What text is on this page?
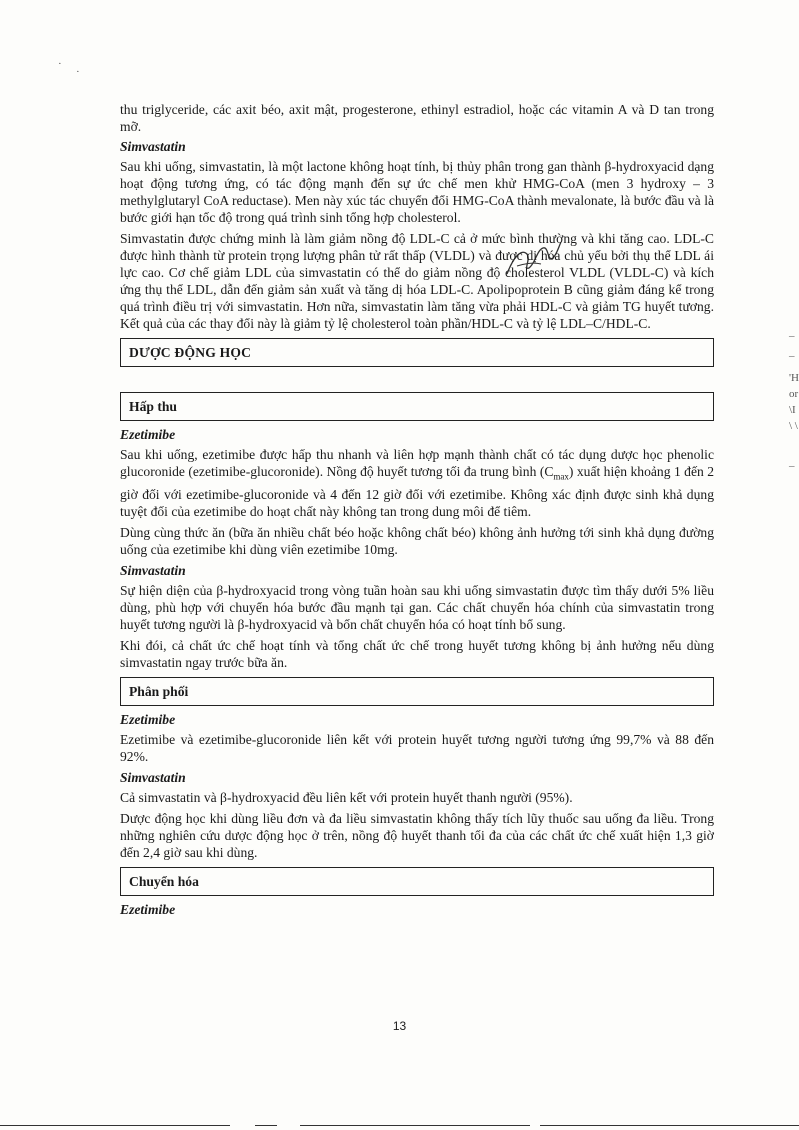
·
·
–
–
'H
or
\I
\ \
–

thu triglyceride, các axit béo, axit mật, progesterone, ethinyl estradiol, hoặc các vitamin A và D tan trong mỡ.

Simvastatin

Sau khi uống, simvastatin, là một lactone không hoạt tính, bị thủy phân trong gan thành β-hydroxyacid dạng hoạt động tương ứng, có tác động mạnh đến sự ức chế men khử HMG-CoA (men 3 hydroxy – 3 methylglutaryl CoA reductase). Men này xúc tác chuyển đổi HMG-CoA thành mevalonate, là bước đầu và là bước giới hạn tốc độ trong quá trình sinh tổng hợp cholesterol.

Simvastatin được chứng minh là làm giảm nồng độ LDL-C cả ở mức bình thường và khi tăng cao. LDL-C được hình thành từ protein trọng lượng phân tử rất thấp (VLDL) và được dị hóa chủ yếu bởi thụ thể LDL ái lực cao. Cơ chế giảm LDL của simvastatin có thể do giảm nồng độ cholesterol VLDL (VLDL-C) và kích ứng thụ thể LDL, dẫn đến giảm sản xuất và tăng dị hóa LDL-C. Apolipoprotein B cũng giảm đáng kể trong quá trình điều trị với simvastatin. Hơn nữa, simvastatin làm tăng vừa phải HDL-C và giảm TG huyết tương. Kết quả của các thay đổi này là giảm tỷ lệ cholesterol toàn phần/HDL-C và tỷ lệ LDL–C/HDL-C.

DƯỢC ĐỘNG HỌC
Hấp thu
Ezetimibe

Sau khi uống, ezetimibe được hấp thu nhanh và liên hợp mạnh thành chất có tác dụng dược học phenolic glucoronide (ezetimibe-glucoronide). Nồng độ huyết tương tối đa trung bình $(C_{max})$ xuất hiện khoảng 1 đến 2 giờ đối với ezetimibe-glucoronide và 4 đến 12 giờ đối với ezetimibe. Không xác định được sinh khả dụng tuyệt đối của ezetimibe do hoạt chất này không tan trong dung môi để tiêm.

Dùng cùng thức ăn (bữa ăn nhiều chất béo hoặc không chất béo) không ảnh hưởng tới sinh khả dụng đường uống của ezetimibe khi dùng viên ezetimibe 10mg.

Simvastatin

Sự hiện diện của β-hydroxyacid trong vòng tuần hoàn sau khi uống simvastatin được tìm thấy dưới 5% liều dùng, phù hợp với chuyển hóa bước đầu mạnh tại gan. Các chất chuyển hóa chính của simvastatin trong huyết tương người là β-hydroxyacid và bốn chất chuyển hóa có hoạt tính bổ sung.

Khi đói, cả chất ức chế hoạt tính và tổng chất ức chế trong huyết tương không bị ảnh hưởng nếu dùng simvastatin ngay trước bữa ăn.

Phân phối
Ezetimibe

Ezetimibe và ezetimibe-glucoronide liên kết với protein huyết tương người tương ứng 99,7% và 88 đến 92%.

Simvastatin

Cả simvastatin và β-hydroxyacid đều liên kết với protein huyết thanh người (95%).

Dược động học khi dùng liều đơn và đa liều simvastatin không thấy tích lũy thuốc sau uống đa liều. Trong những nghiên cứu dược động học ở trên, nồng độ huyết thanh tối đa của các chất ức chế xuất hiện 1,3 giờ đến 2,4 giờ sau khi dùng.

Chuyển hóa
Ezetimibe
13
